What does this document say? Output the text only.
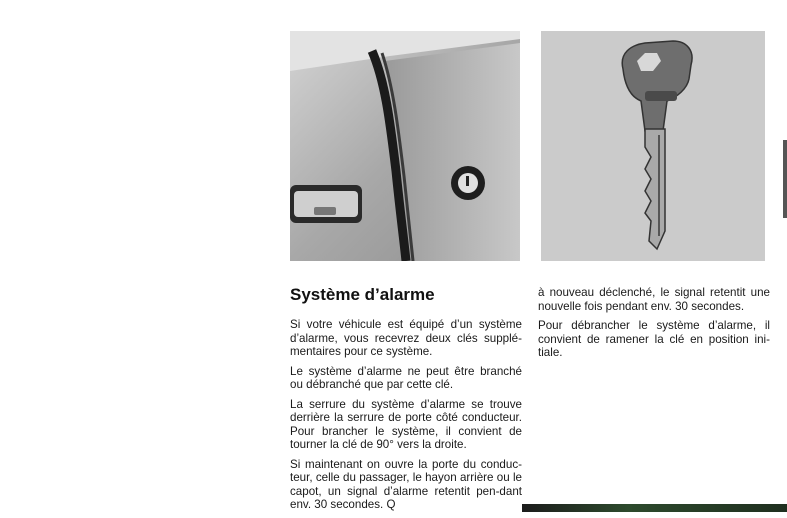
Système d’alarme

Si votre véhicule est équipé d’un système d’alarme, vous recevrez deux clés supplé-mentaires pour ce système.

Le système d’alarme ne peut être branché ou débranché que par cette clé.

La serrure du système d’alarme se trouve derrière la serrure de porte côté conducteur. Pour brancher le système, il convient de tourner la clé de 90° vers la droite.

Si maintenant on ouvre la porte du conduc-teur, celle du passager, le hayon arrière ou le capot, un signal d’alarme retentit pen-dant env. 30 secondes. Q

à nouveau déclenché, le signal retentit une nouvelle fois pendant env. 30 secondes.

Pour débrancher le système d’alarme, il convient de ramener la clé en position ini-tiale.
